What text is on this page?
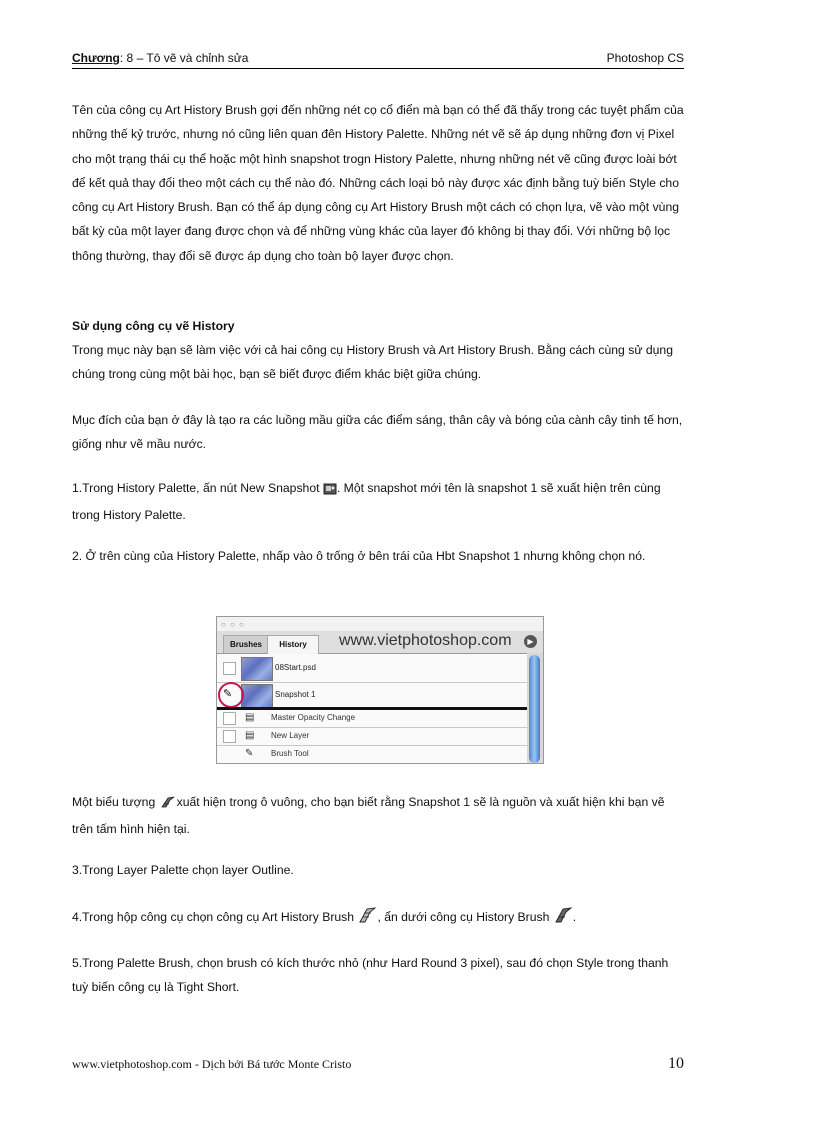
Chương: 8 – Tô vẽ và chỉnh sửa	Photoshop CS

Tên của công cụ Art History Brush gợi đến những nét cọ cổ điển mà bạn có thể đã thấy trong các tuyệt phẩm của những thế kỷ trước, nhưng nó cũng liên quan đên History Palette. Những nét vẽ sẽ áp dụng những đơn vị Pixel cho một trạng thái cụ thể hoặc một hình snapshot trogn History Palette, nhưng những nét vẽ cũng được loài bớt để kết quả thay đổi theo một cách cụ thể nào đó. Những cách loại bỏ này được xác định bằng tuỳ biến Style cho công cụ Art History Brush. Bạn có thể áp dụng công cụ Art History Brush một cách có chọn lựa, vẽ vào một vùng bất kỳ của một layer đang được chọn và để những vùng khác của layer đó không bị thay đổi. Với những bộ lọc thông thường, thay đổi sẽ được áp dụng cho toàn bộ layer được chọn.

Sử dụng công cụ vẽ History

Trong mục này bạn sẽ làm việc với cả hai công cụ History Brush và Art History Brush. Bằng cách cùng sử dụng chúng trong cùng một bài học, bạn sẽ biết được điểm khác biệt giữa chúng.

Mục đích của bạn ở đây là tạo ra các luồng mầu giữa các điểm sáng, thân cây và bóng của cành cây tinh tế hơn, giống như vẽ mầu nước.

1.Trong History Palette, ấn nút New Snapshot . Một snapshot mới tên là snapshot 1 sẽ xuất hiện trên cùng trong History Palette.

2. Ở trên cùng của History Palette, nhấp vào ô trống ở bên trái của Hbt Snapshot 1 nhưng không chọn nó.

○ ○ ○
Brushes	History	www.vietphotoshop.com	▶
08Start.psd
✎	Snapshot 1
▤	Master Opacity Change
▤	New Layer
✎	Brush Tool

Một biểu tượng xuất hiện trong ô vuông, cho bạn biết rằng Snapshot 1 sẽ là nguồn và xuất hiện khi bạn vẽ trên tấm hình hiện tại.

3.Trong Layer Palette chọn layer Outline.

4.Trong hộp công cụ chọn công cụ Art History Brush , ẩn dưới công cụ History Brush .

5.Trong Palette Brush, chọn brush có kích thước nhỏ (như Hard Round 3 pixel), sau đó chọn Style trong thanh tuỳ biến công cụ là Tight Short.

www.vietphotoshop.com - Dịch bởi Bá tước Monte Cristo	10
